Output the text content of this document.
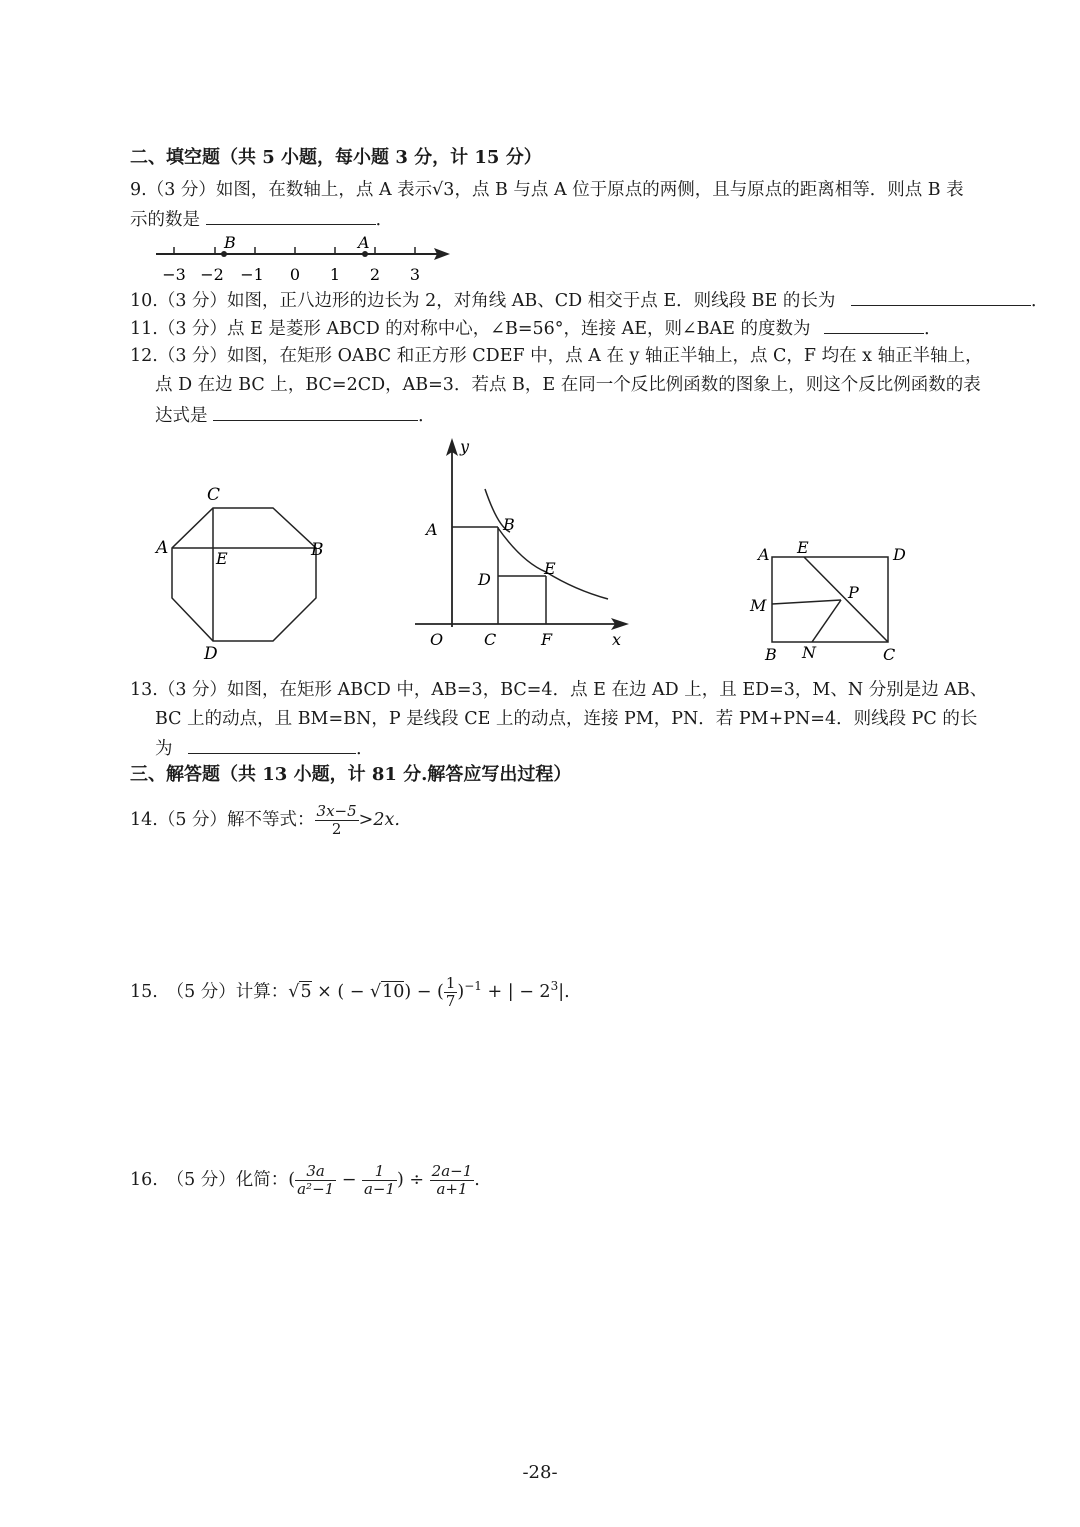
二、填空题（共 5 小题，每小题 3 分，计 15 分）
9.（3 分）如图，在数轴上，点 A 表示√3，点 B 与点 A 位于原点的两侧，且与原点的距离相等．则点 B 表
示的数是	．
B	A
−3 −2 −1 0 1 2 3
10.（3 分）如图，正八边形的边长为 2，对角线 AB、CD 相交于点 E．则线段 BE 的长为	．
11.（3 分）点 E 是菱形 ABCD 的对称中心，∠B=56°，连接 AE，则∠BAE 的度数为	．
12.（3 分）如图，在矩形 OABC 和正方形 CDEF 中，点 A 在 y 轴正半轴上，点 C，F 均在 x 轴正半轴上，
点 D 在边 BC 上，BC=2CD，AB=3．若点 B，E 在同一个反比例函数的图象上，则这个反比例函数的表
达式是	．
C
A	B
E
D
y
x
O
A	B
D
E
C	F
A E	D
M
P
B N	C
13.（3 分）如图，在矩形 ABCD 中，AB=3，BC=4．点 E 在边 AD 上，且 ED=3，M、N 分别是边 AB、
BC 上的动点，且 BM=BN，P 是线段 CE 上的动点，连接 PM，PN．若 PM+PN=4．则线段 PC 的长
为	．
三、解答题（共 13 小题，计 81 分.解答应写出过程）
14.（5 分）解不等式： $\frac{3x-5}{2} >2x$.
15.　（5 分）计算：√5 × ( − √10) − ( $\frac{1}{7} )^{-1}$ + | − $2^3|$.
16.　（5 分）化简：( $\frac{3a}{\text{a²−1}} - \frac{1}{a-1}$ ) ÷ $\frac{2a-1}{a+1}$ .
-28-
